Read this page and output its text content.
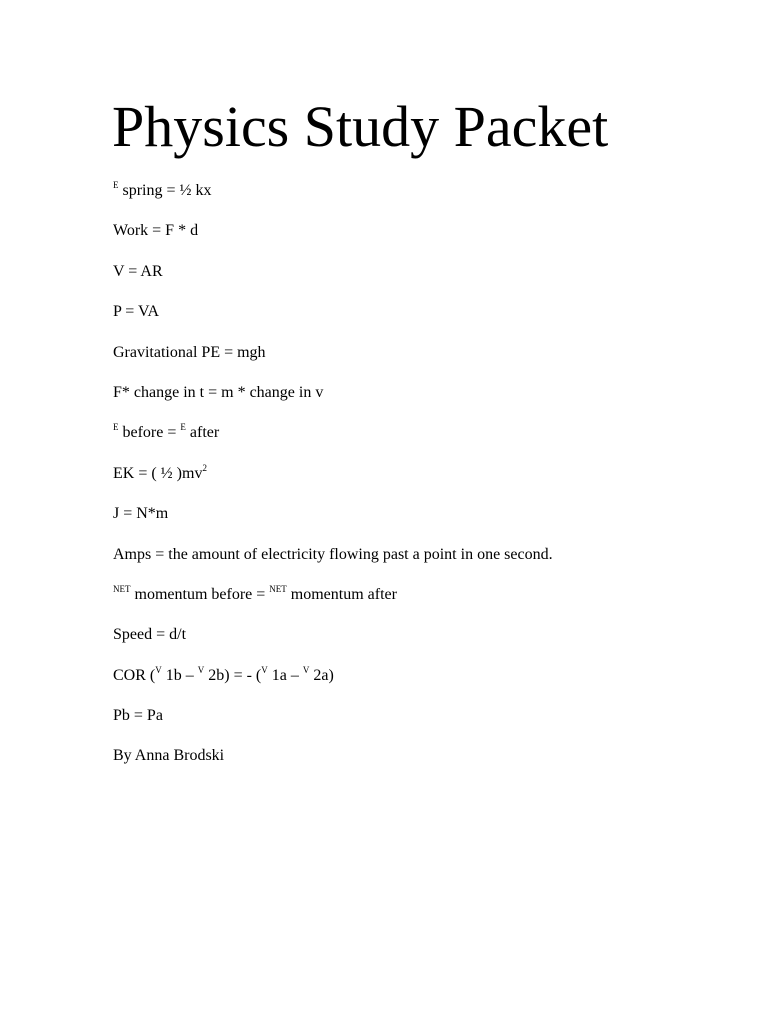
Physics Study Packet
$^E$ spring = ½ kx
Work = F * d
V = AR
P = VA
Gravitational PE = mgh
F* change in t = m * change in v
$^E$ before = $^E$ after
EK = ( ½ )$mv^2$
J = N*m
Amps = the amount of electricity flowing past a point in one second.
$^{NET}$ momentum before = $^{NET}$ momentum after
Speed = d/t
COR ($^V$ 1b – $^V$ 2b) = - ($^V$ 1a – $^V$ 2a)
Pb = Pa
By Anna Brodski
